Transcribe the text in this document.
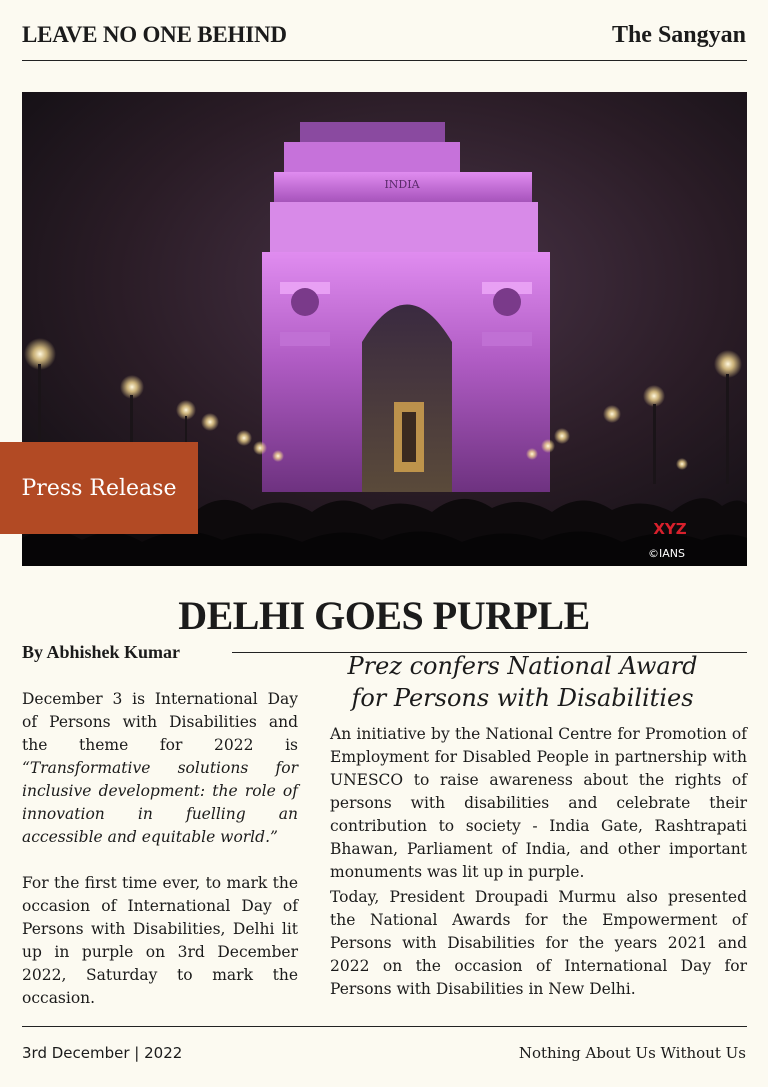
LEAVE NO ONE BEHIND	The Sangyan
INDIA
XYZ
©IANS
Press Release
DELHI GOES PURPLE
By Abhishek Kumar	Prez confers National Award for Persons with Disabilities

December 3 is International Day of Persons with Disabilities and the theme for 2022 is “Transformative solutions for inclusive development: the role of innovation in fuelling an accessible and equitable world.”

For the first time ever, to mark the occasion of International Day of Persons with Disabilities, Delhi lit up in purple on 3rd December 2022, Saturday to mark the occasion.

An initiative by the National Centre for Promotion of Employment for Disabled People in partnership with UNESCO to raise awareness about the rights of persons with disabilities and celebrate their contribution to society - India Gate, Rashtrapati Bhawan, Parliament of India, and other important monuments was lit up in purple.

Today, President Droupadi Murmu also presented the National Awards for the Empowerment of Persons with Disabilities for the years 2021 and 2022 on the occasion of International Day for Persons with Disabilities in New Delhi.

3rd December | 2022	Nothing About Us Without Us
